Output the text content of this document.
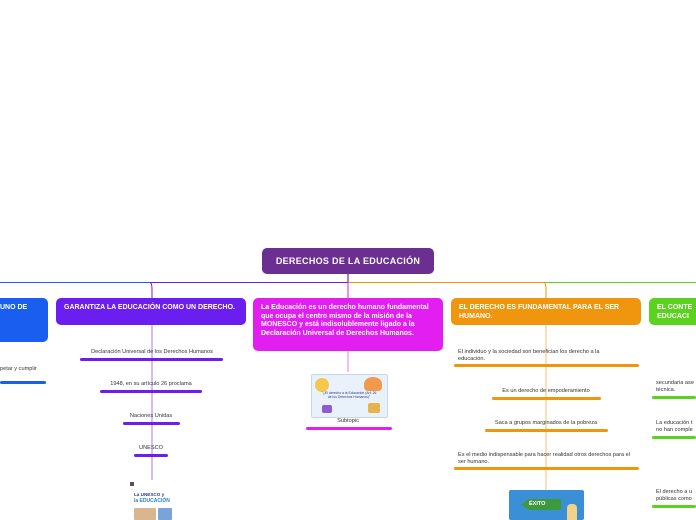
DERECHOS DE LA EDUCACIÓN
UNO DE
petar y cumplir
GARANTIZA LA EDUCACIÓN COMO UN DERECHO.
Declaración Universal de los Derechos Humanos
1948, en su artículo 26 proclama
Naciones Unidas
UNESCO
La UNESCO y
la EDUCACIÓN
La Educación es un derecho humano fundamental que ocupa el centro mismo de la misión de la MONESCO y está indisolublemente ligado a la Declaración Universal de Derechos Humanos.
"¿El derecho a la Educación (Art. 26 de los Derechos Humanos)"
Subtopic
EL DERECHO ES FUNDAMENTAL PARA EL SER HUMANO.
El individuo y la sociedad son benefician los derecho a la educación.
Es un derecho de empoderamiento
Saca a grupos marginados de la pobreza
Es el medio indispensable para hacer realidad otros derechos para el ser humano.
ÉXITO
EL CONTE EDUCACI
secundaria ase técnica.
La educación t no han comple
El derecho a u públicas como
